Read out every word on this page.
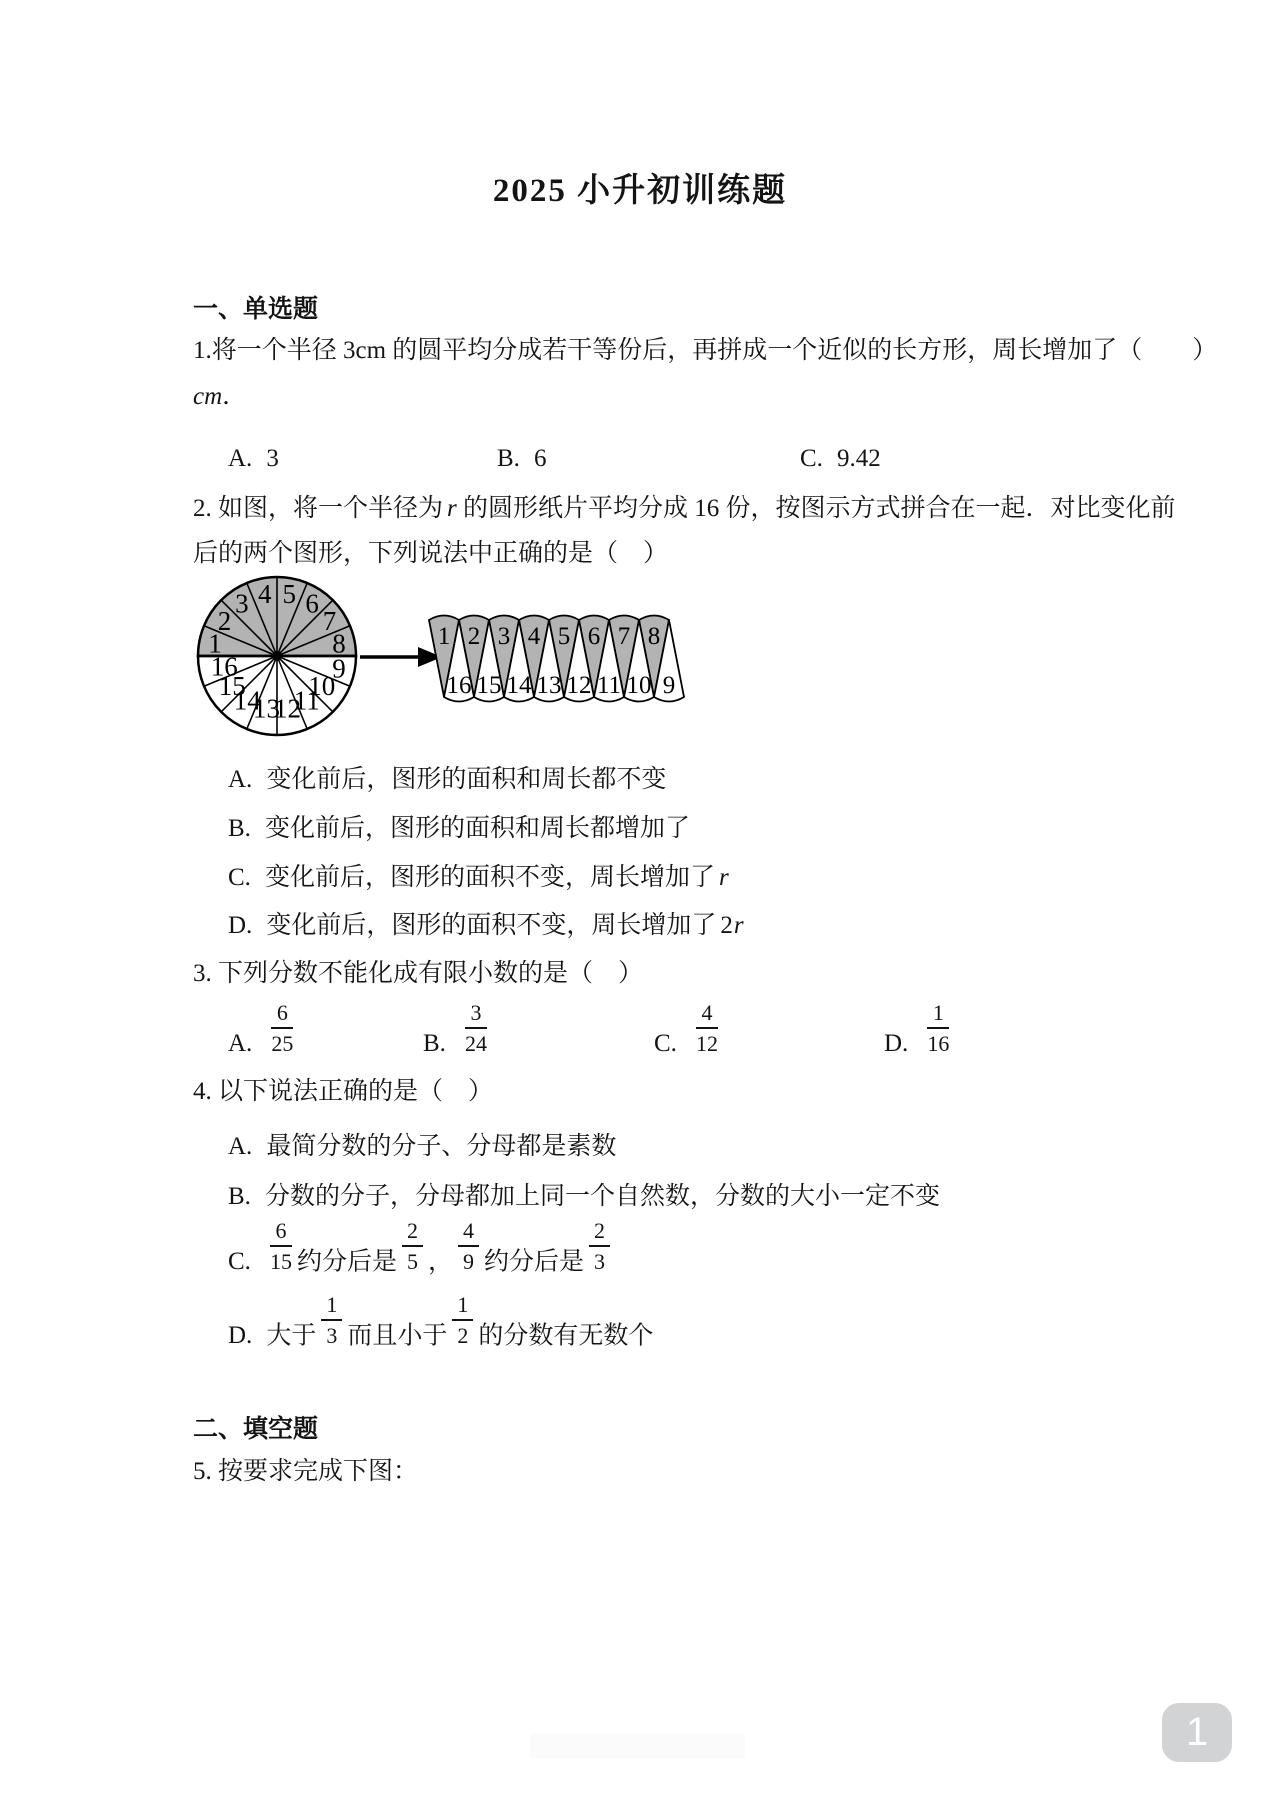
2025 小升初训练题
一、单选题
1.将一个半径 3cm 的圆平均分成若干等份后，再拼成一个近似的长方形，周长增加了（　　）
cm．
A. 3	B. 6	C. 9.42
2. 如图，将一个半径为 r 的圆形纸片平均分成 16 份，按图示方式拼合在一起．对比变化前
后的两个图形，下列说法中正确的是（　）
1
2
3 4 5 6
7
8
16
15
14
13
12
11
10
9
1
16
2
15
3
14
4
13
5
12
6
11
7
10
8
9
A. 变化前后，图形的面积和周长都不变
B. 变化前后，图形的面积和周长都增加了
C. 变化前后，图形的面积不变，周长增加了 r
D. 变化前后，图形的面积不变，周长增加了 2r
3. 下列分数不能化成有限小数的是（　）
A. $\frac{6}{25}$	B. $\frac{3}{24}$	C. $\frac{4}{12}$	D. $\frac{1}{16}$
4. 以下说法正确的是（　）
A. 最简分数的分子、分母都是素数
B. 分数的分子，分母都加上同一个自然数，分数的大小一定不变
C. $\frac{6}{15}$ 约分后是 $\frac{2}{5}$ ， $\frac{4}{9}$ 约分后是 $\frac{2}{3}$
D. 大于 $\frac{1}{3}$ 而且小于 $\frac{1}{2}$ 的分数有无数个
二、填空题
5. 按要求完成下图：
1
